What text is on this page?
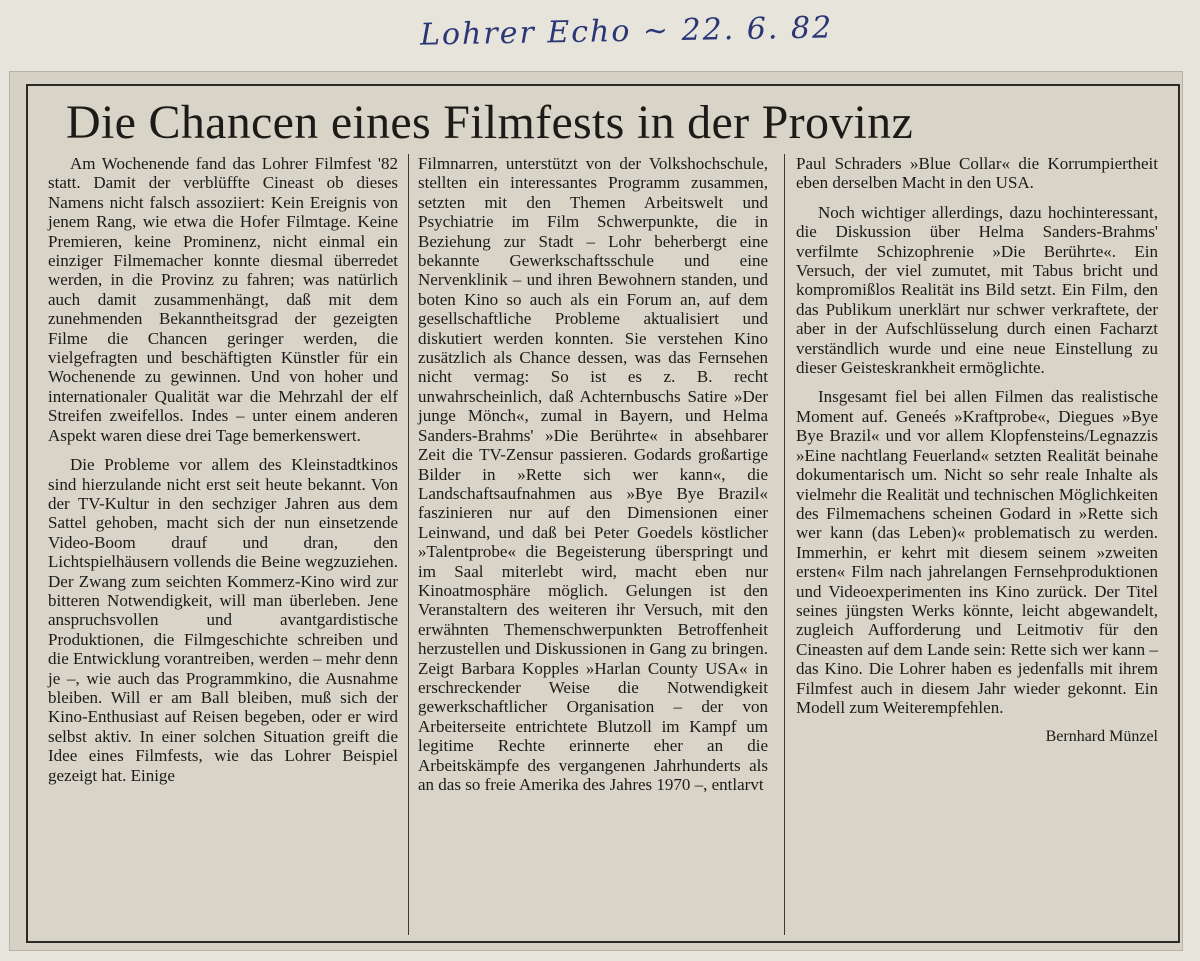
Lohrer Echo ~ 22. 6. 82
Die Chancen eines Filmfests in der Provinz

Am Wochenende fand das Lohrer Filmfest '82 statt. Damit der verblüffte Cineast ob dieses Namens nicht falsch assoziiert: Kein Ereignis von jenem Rang, wie etwa die Hofer Filmtage. Keine Premieren, keine Prominenz, nicht einmal ein einziger Filmemacher konnte diesmal überredet werden, in die Provinz zu fahren; was natürlich auch damit zusammenhängt, daß mit dem zunehmenden Bekanntheitsgrad der gezeigten Filme die Chancen geringer werden, die vielgefragten und beschäftigten Künstler für ein Wochenende zu gewinnen. Und von hoher und internationaler Qualität war die Mehrzahl der elf Streifen zweifellos. Indes – unter einem anderen Aspekt waren diese drei Tage bemerkenswert.

Die Probleme vor allem des Kleinstadtkinos sind hierzulande nicht erst seit heute bekannt. Von der TV-Kultur in den sechziger Jahren aus dem Sattel gehoben, macht sich der nun einsetzende Video-Boom drauf und dran, den Lichtspielhäusern vollends die Beine wegzuziehen. Der Zwang zum seichten Kommerz-Kino wird zur bitteren Notwendigkeit, will man überleben. Jene anspruchsvollen und avantgardistische Produktionen, die Filmgeschichte schreiben und die Entwicklung vorantreiben, werden – mehr denn je –, wie auch das Programmkino, die Ausnahme bleiben. Will er am Ball bleiben, muß sich der Kino-Enthusiast auf Reisen begeben, oder er wird selbst aktiv. In einer solchen Situation greift die Idee eines Filmfests, wie das Lohrer Beispiel gezeigt hat. Einige

Filmnarren, unterstützt von der Volkshochschule, stellten ein interessantes Programm zusammen, setzten mit den Themen Arbeitswelt und Psychiatrie im Film Schwerpunkte, die in Beziehung zur Stadt – Lohr beherbergt eine bekannte Gewerkschaftsschule und eine Nervenklinik – und ihren Bewohnern standen, und boten Kino so auch als ein Forum an, auf dem gesellschaftliche Probleme aktualisiert und diskutiert werden konnten. Sie verstehen Kino zusätzlich als Chance dessen, was das Fernsehen nicht vermag: So ist es z. B. recht unwahrscheinlich, daß Achternbuschs Satire »Der junge Mönch«, zumal in Bayern, und Helma Sanders-Brahms' »Die Berührte« in absehbarer Zeit die TV-Zensur passieren. Godards großartige Bilder in »Rette sich wer kann«, die Landschaftsaufnahmen aus »Bye Bye Brazil« faszinieren nur auf den Dimensionen einer Leinwand, und daß bei Peter Goedels köstlicher »Talentprobe« die Begeisterung überspringt und im Saal miterlebt wird, macht eben nur Kinoatmosphäre möglich. Gelungen ist den Veranstaltern des weiteren ihr Versuch, mit den erwähnten Themenschwerpunkten Betroffenheit herzustellen und Diskussionen in Gang zu bringen. Zeigt Barbara Kopples »Harlan County USA« in erschreckender Weise die Notwendigkeit gewerkschaftlicher Organisation – der von Arbeiterseite entrichtete Blutzoll im Kampf um legitime Rechte erinnerte eher an die Arbeitskämpfe des vergangenen Jahrhunderts als an das so freie Amerika des Jahres 1970 –, entlarvt

Paul Schraders »Blue Collar« die Korrumpiertheit eben derselben Macht in den USA.

Noch wichtiger allerdings, dazu hochinteressant, die Diskussion über Helma Sanders-Brahms' verfilmte Schizophrenie »Die Berührte«. Ein Versuch, der viel zumutet, mit Tabus bricht und kompromißlos Realität ins Bild setzt. Ein Film, den das Publikum unerklärt nur schwer verkraftete, der aber in der Aufschlüsselung durch einen Facharzt verständlich wurde und eine neue Einstellung zu dieser Geisteskrankheit ermöglichte.

Insgesamt fiel bei allen Filmen das realistische Moment auf. Geneés »Kraftprobe«, Diegues »Bye Bye Brazil« und vor allem Klopfensteins/Legnazzis »Eine nachtlang Feuerland« setzten Realität beinahe dokumentarisch um. Nicht so sehr reale Inhalte als vielmehr die Realität und technischen Möglichkeiten des Filmemachens scheinen Godard in »Rette sich wer kann (das Leben)« problematisch zu werden. Immerhin, er kehrt mit diesem seinem »zweiten ersten« Film nach jahrelangen Fernsehproduktionen und Videoexperimenten ins Kino zurück. Der Titel seines jüngsten Werks könnte, leicht abgewandelt, zugleich Aufforderung und Leitmotiv für den Cineasten auf dem Lande sein: Rette sich wer kann – das Kino. Die Lohrer haben es jedenfalls mit ihrem Filmfest auch in diesem Jahr wieder gekonnt. Ein Modell zum Weiterempfehlen.

Bernhard Münzel
